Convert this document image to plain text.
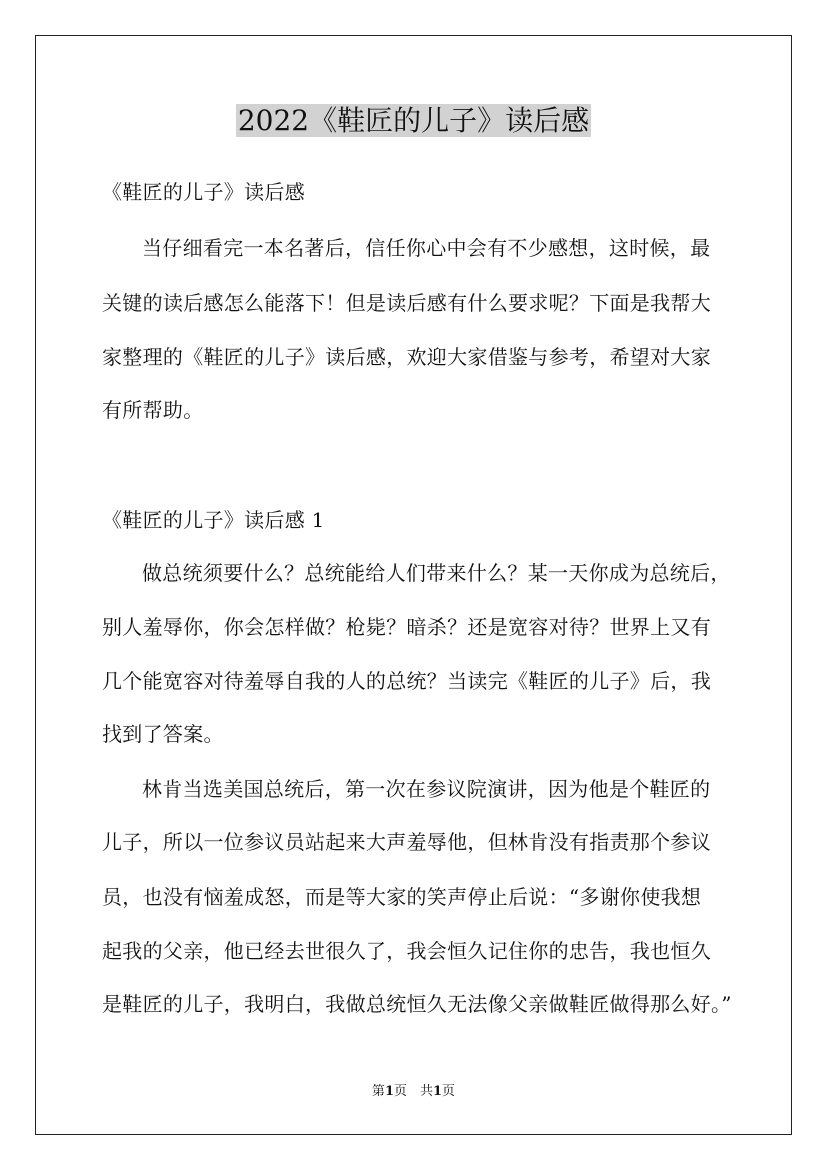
2022《鞋匠的儿子》读后感

《鞋匠的儿子》读后感

当仔细看完一本名著后，信任你心中会有不少感想，这时候，最

关键的读后感怎么能落下！但是读后感有什么要求呢？下面是我帮大

家整理的《鞋匠的儿子》读后感，欢迎大家借鉴与参考，希望对大家

有所帮助。

《鞋匠的儿子》读后感 1

做总统须要什么？总统能给人们带来什么？某一天你成为总统后，

别人羞辱你，你会怎样做？枪毙？暗杀？还是宽容对待？世界上又有

几个能宽容对待羞辱自我的人的总统？当读完《鞋匠的儿子》后，我

找到了答案。

林肯当选美国总统后，第一次在参议院演讲，因为他是个鞋匠的

儿子，所以一位参议员站起来大声羞辱他，但林肯没有指责那个参议

员，也没有恼羞成怒，而是等大家的笑声停止后说：“多谢你使我想

起我的父亲，他已经去世很久了，我会恒久记住你的忠告，我也恒久

是鞋匠的儿子，我明白，我做总统恒久无法像父亲做鞋匠做得那么好。”

第1页　共1页
